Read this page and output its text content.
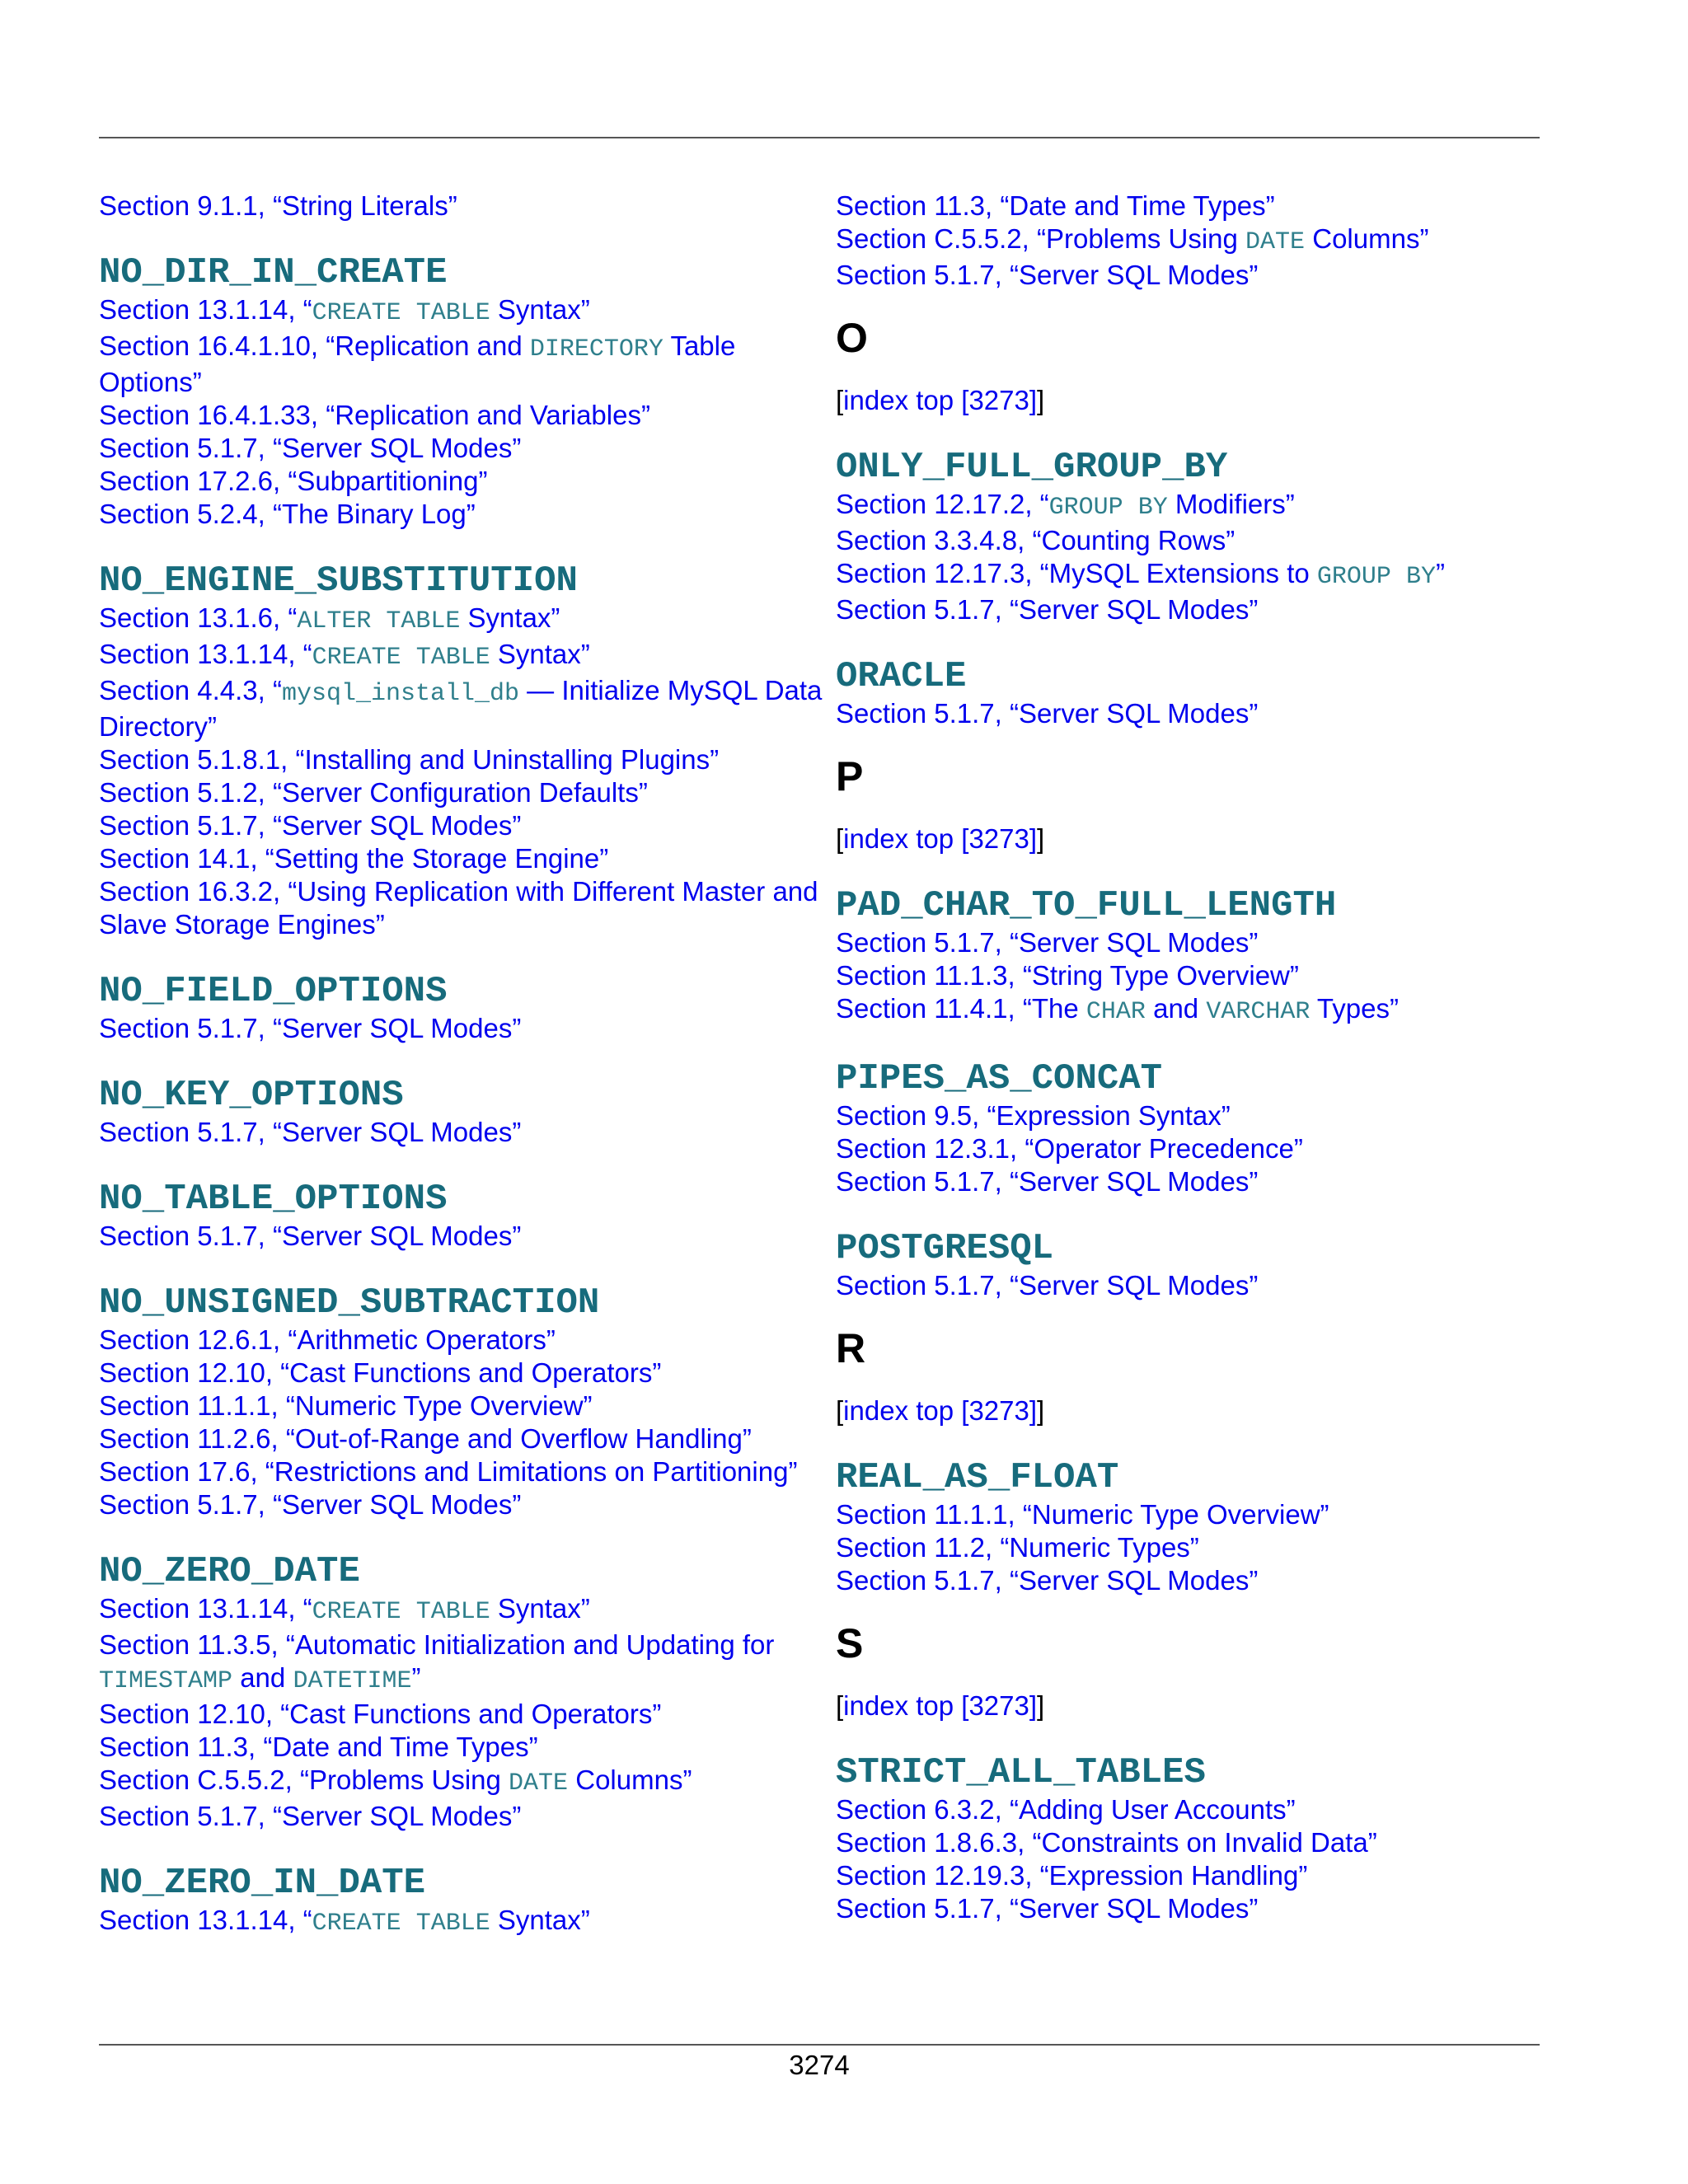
Section 9.1.1, “String Literals”
NO_DIR_IN_CREATE
Section 13.1.14, “CREATE TABLE Syntax”
Section 16.4.1.10, “Replication and DIRECTORY Table Options”
Section 16.4.1.33, “Replication and Variables”
Section 5.1.7, “Server SQL Modes”
Section 17.2.6, “Subpartitioning”
Section 5.2.4, “The Binary Log”
NO_ENGINE_SUBSTITUTION
Section 13.1.6, “ALTER TABLE Syntax”
Section 13.1.14, “CREATE TABLE Syntax”
Section 4.4.3, “mysql_install_db — Initialize MySQL Data Directory”
Section 5.1.8.1, “Installing and Uninstalling Plugins”
Section 5.1.2, “Server Configuration Defaults”
Section 5.1.7, “Server SQL Modes”
Section 14.1, “Setting the Storage Engine”
Section 16.3.2, “Using Replication with Different Master and Slave Storage Engines”
NO_FIELD_OPTIONS
Section 5.1.7, “Server SQL Modes”
NO_KEY_OPTIONS
Section 5.1.7, “Server SQL Modes”
NO_TABLE_OPTIONS
Section 5.1.7, “Server SQL Modes”
NO_UNSIGNED_SUBTRACTION
Section 12.6.1, “Arithmetic Operators”
Section 12.10, “Cast Functions and Operators”
Section 11.1.1, “Numeric Type Overview”
Section 11.2.6, “Out-of-Range and Overflow Handling”
Section 17.6, “Restrictions and Limitations on Partitioning”
Section 5.1.7, “Server SQL Modes”
NO_ZERO_DATE
Section 13.1.14, “CREATE TABLE Syntax”
Section 11.3.5, “Automatic Initialization and Updating for TIMESTAMP and DATETIME”
Section 12.10, “Cast Functions and Operators”
Section 11.3, “Date and Time Types”
Section C.5.5.2, “Problems Using DATE Columns”
Section 5.1.7, “Server SQL Modes”
NO_ZERO_IN_DATE
Section 13.1.14, “CREATE TABLE Syntax”
Section 11.3, “Date and Time Types”
Section C.5.5.2, “Problems Using DATE Columns”
Section 5.1.7, “Server SQL Modes”
O
[index top [3273]]
ONLY_FULL_GROUP_BY
Section 12.17.2, “GROUP BY Modifiers”
Section 3.3.4.8, “Counting Rows”
Section 12.17.3, “MySQL Extensions to GROUP BY”
Section 5.1.7, “Server SQL Modes”
ORACLE
Section 5.1.7, “Server SQL Modes”
P
[index top [3273]]
PAD_CHAR_TO_FULL_LENGTH
Section 5.1.7, “Server SQL Modes”
Section 11.1.3, “String Type Overview”
Section 11.4.1, “The CHAR and VARCHAR Types”
PIPES_AS_CONCAT
Section 9.5, “Expression Syntax”
Section 12.3.1, “Operator Precedence”
Section 5.1.7, “Server SQL Modes”
POSTGRESQL
Section 5.1.7, “Server SQL Modes”
R
[index top [3273]]
REAL_AS_FLOAT
Section 11.1.1, “Numeric Type Overview”
Section 11.2, “Numeric Types”
Section 5.1.7, “Server SQL Modes”
S
[index top [3273]]
STRICT_ALL_TABLES
Section 6.3.2, “Adding User Accounts”
Section 1.8.6.3, “Constraints on Invalid Data”
Section 12.19.3, “Expression Handling”
Section 5.1.7, “Server SQL Modes”
3274
